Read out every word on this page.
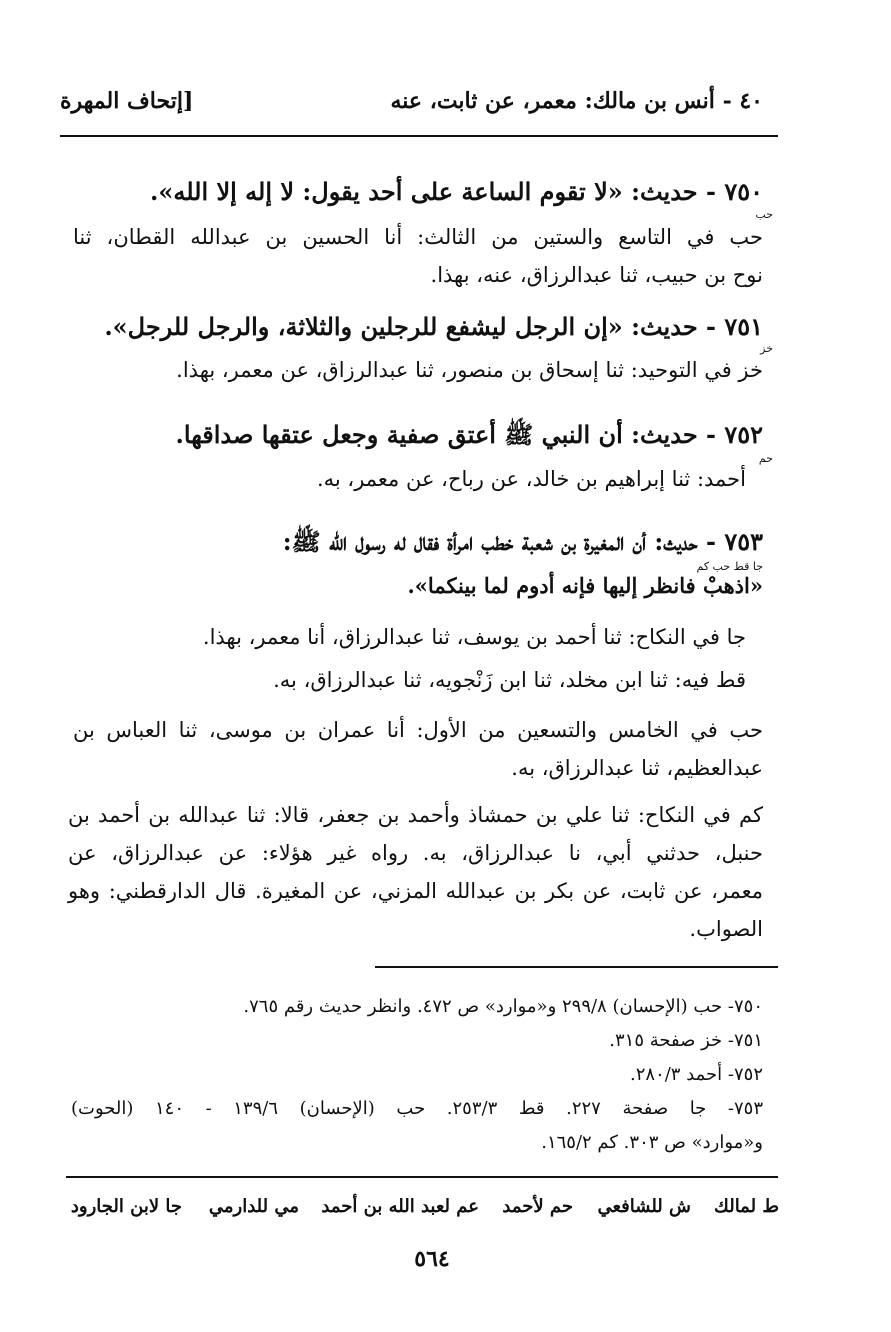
٤٠ - أنس بن مالك: معمر، عن ثابت، عنه
[إتحاف المهرة
٧٥٠ - حديث: «لا تقوم الساعة على أحد يقول: لا إله إلا الله».
حب
حب في التاسع والستين من الثالث: أنا الحسين بن عبدالله القطان، ثنا
نوح بن حبيب، ثنا عبدالرزاق، عنه، بهذا.
٧٥١ - حديث: «إن الرجل ليشفع للرجلين والثلاثة، والرجل للرجل».
خز
خز في التوحيد: ثنا إسحاق بن منصور، ثنا عبدالرزاق، عن معمر، بهذا.
٧٥٢ - حديث: أن النبي ﷺ أعتق صفية وجعل عتقها صداقها.
حم
أحمد: ثنا إبراهيم بن خالد، عن رباح، عن معمر، به.
٧٥٣ - حديث: أن المغيرة بن شعبة خطب امرأة فقال له رسول الله ﷺ:
جا قط حب كم
«اذهبْ فانظر إليها فإنه أدوم لما بينكما».
جا في النكاح: ثنا أحمد بن يوسف، ثنا عبدالرزاق، أنا معمر، بهذا.
قط فيه: ثنا ابن مخلد، ثنا ابن زَنْجويه، ثنا عبدالرزاق، به.
حب في الخامس والتسعين من الأول: أنا عمران بن موسى، ثنا العباس بن
عبدالعظيم، ثنا عبدالرزاق، به.
كم في النكاح: ثنا علي بن حمشاذ وأحمد بن جعفر، قالا: ثنا عبدالله بن أحمد بن
حنبل، حدثني أبي، نا عبدالرزاق، به. رواه غير هؤلاء: عن عبدالرزاق، عن
معمر، عن ثابت، عن بكر بن عبدالله المزني، عن المغيرة. قال الدارقطني: وهو
الصواب.
٧٥٠- حب (الإحسان) ٢٩٩/٨ و«موارد» ص ٤٧٢. وانظر حديث رقم ٧٦٥.
٧٥١- خز صفحة ٣١٥.
٧٥٢- أحمد ٢٨٠/٣.
٧٥٣- جا صفحة ٢٢٧. قط ٢٥٣/٣. حب (الإحسان) ١٣٩/٦ - ١٤٠ (الحوت)
و«موارد» ص ٣٠٣. كم ١٦٥/٢.
ط لمالك
ش للشافعي
حم لأحمد
عم لعبد الله بن أحمد
مي للدارمي
جا لابن الجارود
٥٦٤
